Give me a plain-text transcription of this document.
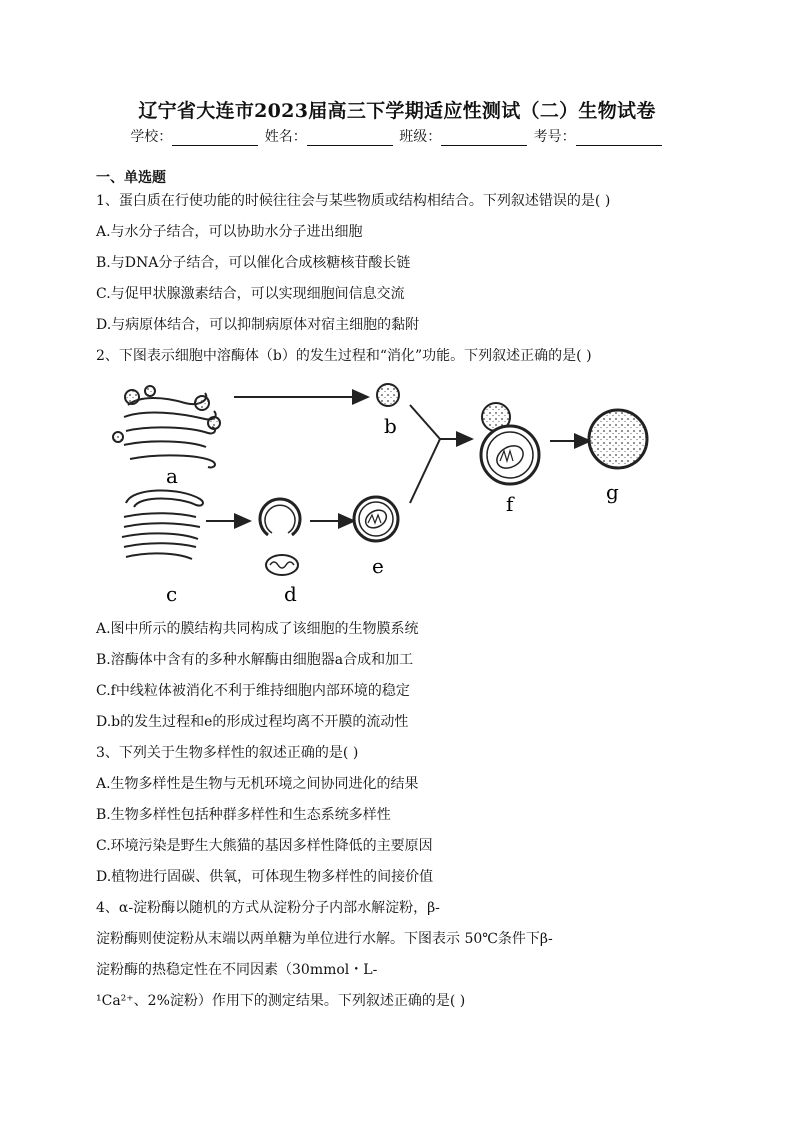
辽宁省大连市2023届高三下学期适应性测试（二）生物试卷
学校：	姓名：	班级：	考号：
一、单选题
1、蛋白质在行使功能的时候往往会与某些物质或结构相结合。下列叙述错误的是( )
A.与水分子结合，可以协助水分子进出细胞
B.与DNA分子结合，可以催化合成核糖核苷酸长链
C.与促甲状腺激素结合，可以实现细胞间信息交流
D.与病原体结合，可以抑制病原体对宿主细胞的黏附
2、下图表示细胞中溶酶体（b）的发生过程和“消化”功能。下列叙述正确的是( )
a
b
c	d
e
f	g
A.图中所示的膜结构共同构成了该细胞的生物膜系统
B.溶酶体中含有的多种水解酶由细胞器a合成和加工
C.f中线粒体被消化不利于维持细胞内部环境的稳定
D.b的发生过程和e的形成过程均离不开膜的流动性
3、下列关于生物多样性的叙述正确的是( )
A.生物多样性是生物与无机环境之间协同进化的结果
B.生物多样性包括种群多样性和生态系统多样性
C.环境污染是野生大熊猫的基因多样性降低的主要原因
D.植物进行固碳、供氧，可体现生物多样性的间接价值
4、α-淀粉酶以随机的方式从淀粉分子内部水解淀粉，β-
淀粉酶则使淀粉从末端以两单糖为单位进行水解。下图表示 50℃条件下β-
淀粉酶的热稳定性在不同因素（30mmol・L-
¹Ca²⁺、2%淀粉）作用下的测定结果。下列叙述正确的是( )
